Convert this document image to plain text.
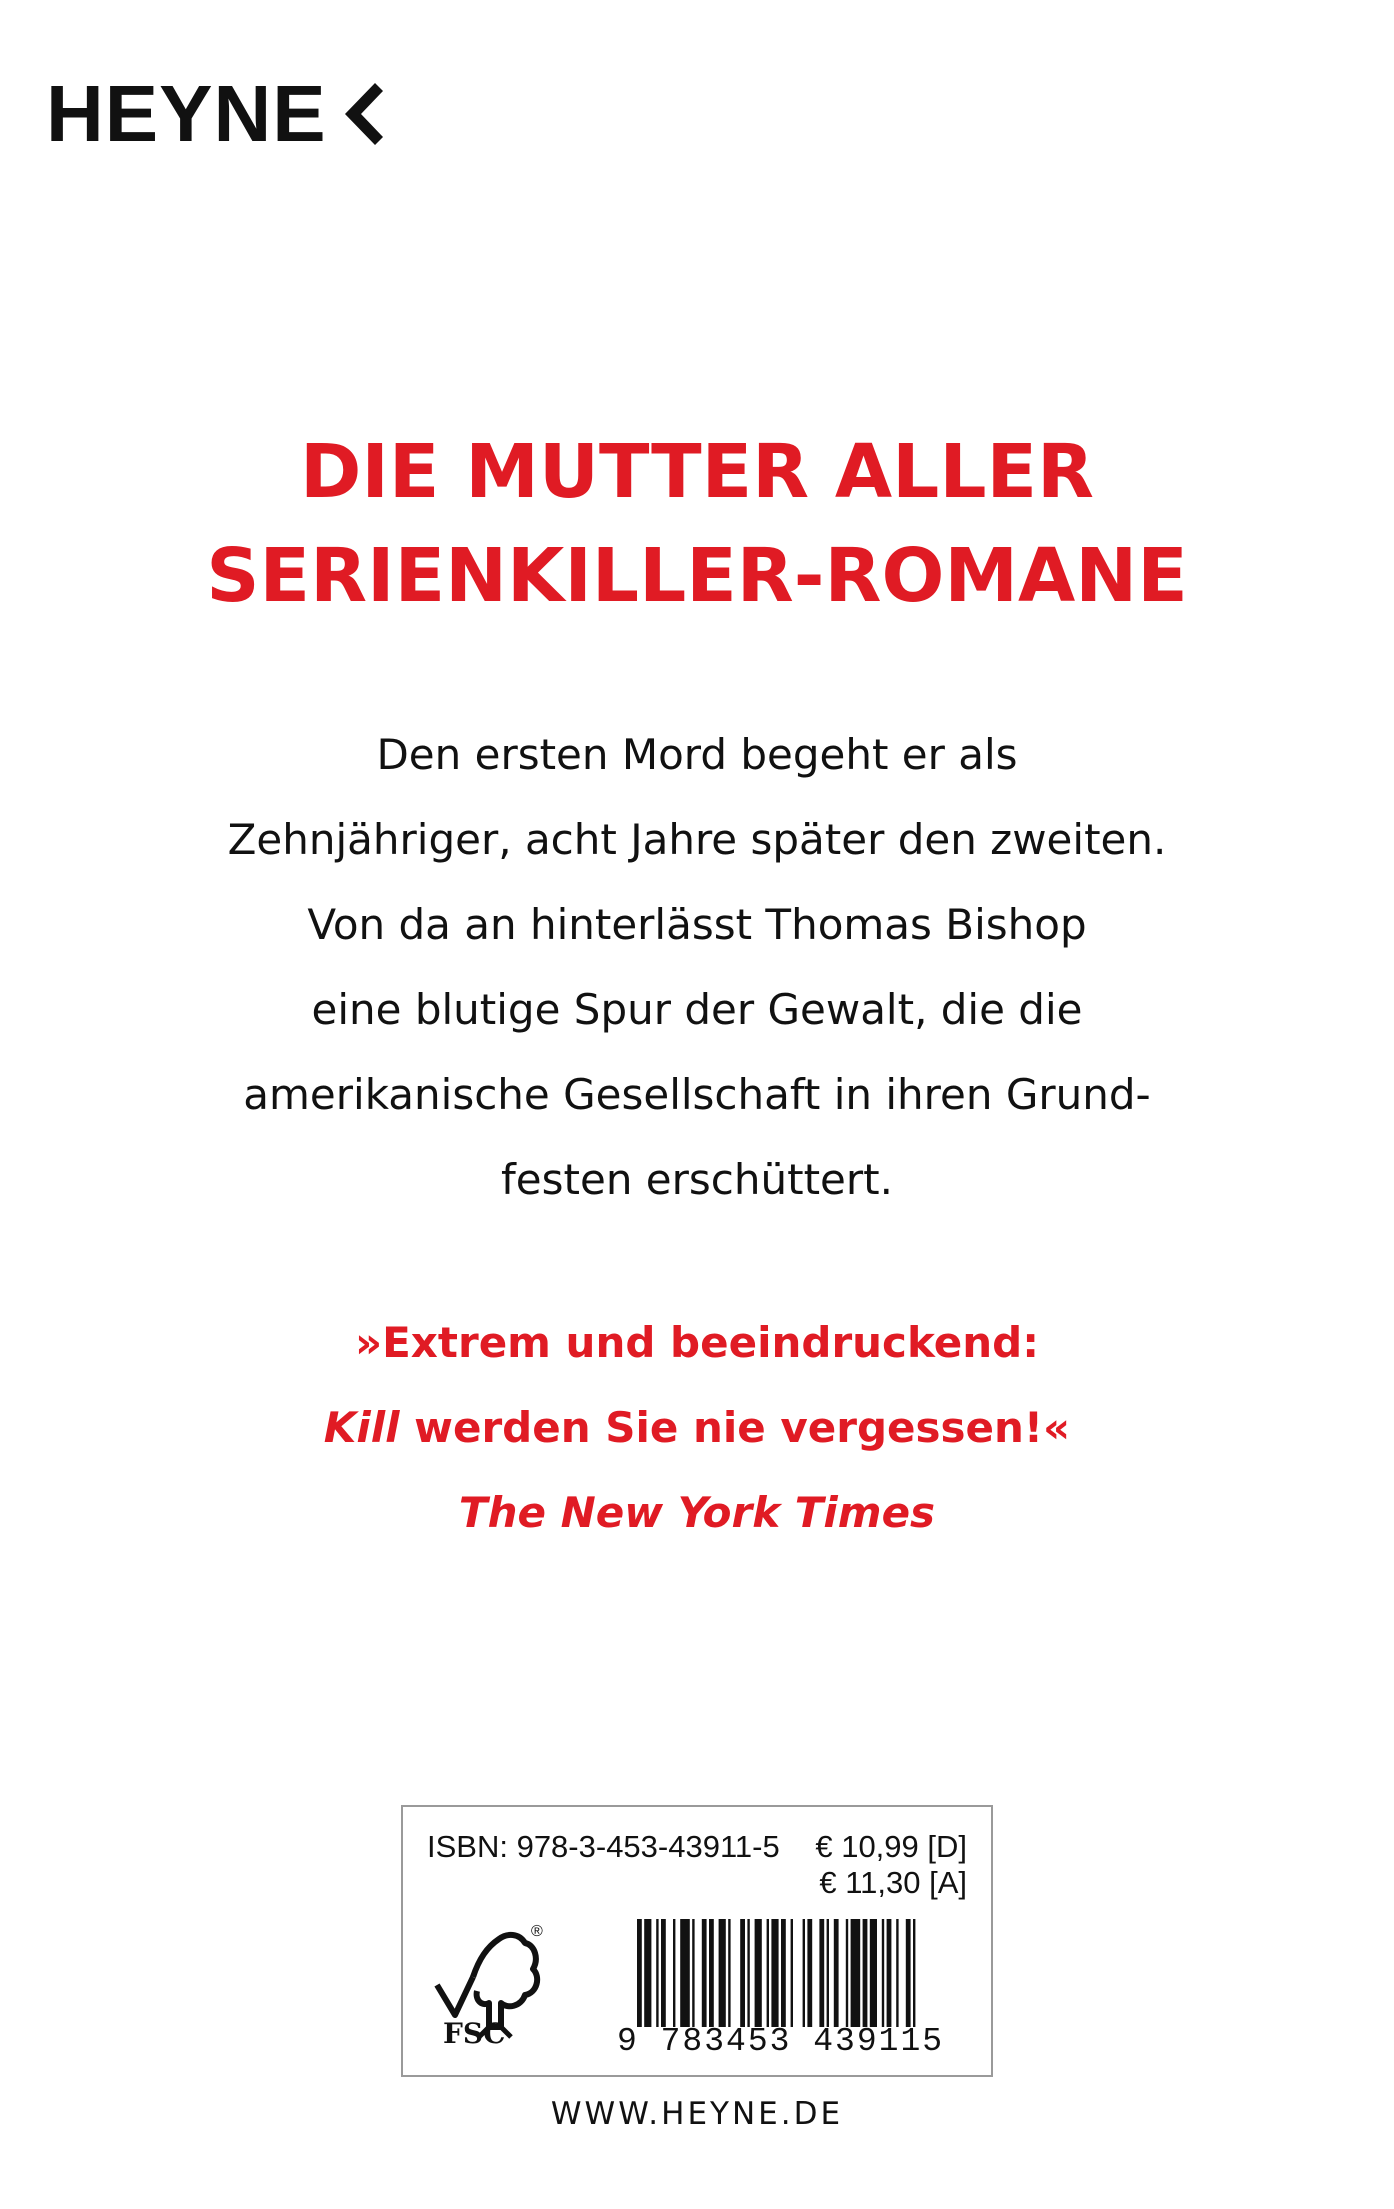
HEYNE
DIE MUTTER ALLER
SERIENKILLER-ROMANE
Den ersten Mord begeht er als
Zehnjähriger, acht Jahre später den zweiten.
Von da an hinterlässt Thomas Bishop
eine blutige Spur der Gewalt, die die
amerikanische Gesellschaft in ihren Grund-
festen erschüttert.
»Extrem und beeindruckend:
Kill werden Sie nie vergessen!«
The New York Times
ISBN: 978-3-453-43911-5 € 10,99 [D]
€ 11,30 [A]
®
FSC	9 783453 439115
WWW.HEYNE.DE
